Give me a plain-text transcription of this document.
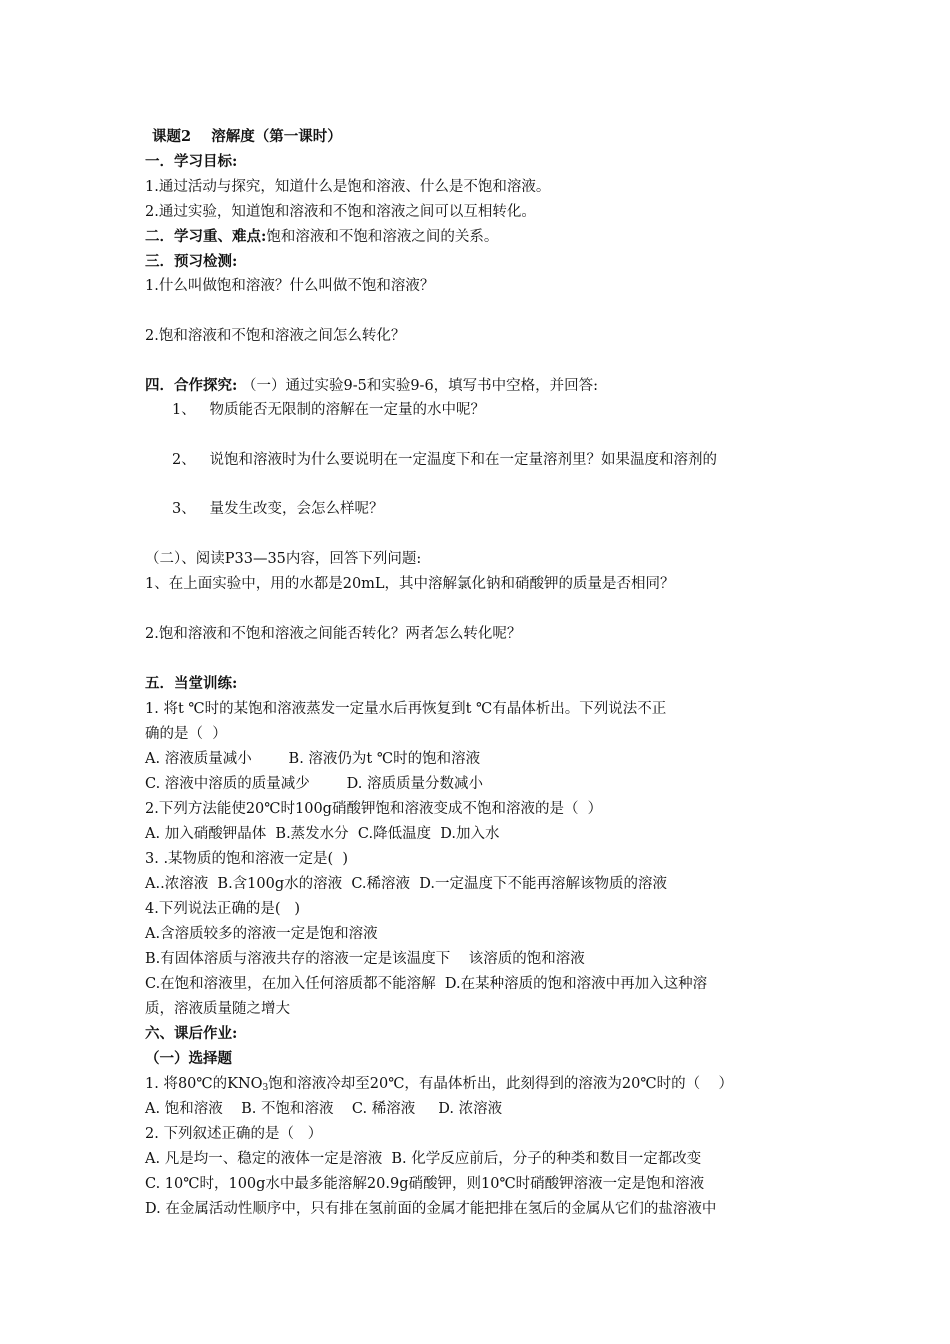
课题2    溶解度（第一课时）
一．学习目标:
1.通过活动与探究，知道什么是饱和溶液、什么是不饱和溶液。
2.通过实验，知道饱和溶液和不饱和溶液之间可以互相转化。
二．学习重、难点:饱和溶液和不饱和溶液之间的关系。
三．预习检测:
1.什么叫做饱和溶液？什么叫做不饱和溶液？
2.饱和溶液和不饱和溶液之间怎么转化？
四．合作探究: （一）通过实验9-5和实验9-6，填写书中空格，并回答:
1、   物质能否无限制的溶解在一定量的水中呢？
2、   说饱和溶液时为什么要说明在一定温度下和在一定量溶剂里？如果温度和溶剂的
3、   量发生改变，会怎么样呢？
（二）、阅读P33—35内容，回答下列问题:
1、在上面实验中，用的水都是20mL，其中溶解氯化钠和硝酸钾的质量是否相同？
2.饱和溶液和不饱和溶液之间能否转化？两者怎么转化呢？
五．当堂训练:
1. 将t ℃时的某饱和溶液蒸发一定量水后再恢复到t ℃有晶体析出。下列说法不正
确的是（  ）
A. 溶液质量减小        B. 溶液仍为t ℃时的饱和溶液
C. 溶液中溶质的质量减少        D. 溶质质量分数减小
2.下列方法能使20℃时100g硝酸钾饱和溶液变成不饱和溶液的是（  ）
A. 加入硝酸钾晶体  B.蒸发水分  C.降低温度  D.加入水
3. .某物质的饱和溶液一定是(  )
A..浓溶液  B.含100g水的溶液  C.稀溶液  D.一定温度下不能再溶解该物质的溶液
4.下列说法正确的是(   )
A.含溶质较多的溶液一定是饱和溶液
B.有固体溶质与溶液共存的溶液一定是该温度下    该溶质的饱和溶液
C.在饱和溶液里，在加入任何溶质都不能溶解  D.在某种溶质的饱和溶液中再加入这种溶
质，溶液质量随之增大
六、课后作业:
（一）选择题
1. 将80℃的$KNO_3$饱和溶液冷却至20℃，有晶体析出，此刻得到的溶液为20℃时的（    ）
A. 饱和溶液    B. 不饱和溶液    C. 稀溶液     D. 浓溶液
2. 下列叙述正确的是（   ）
A. 凡是均一、稳定的液体一定是溶液  B. 化学反应前后，分子的种类和数目一定都改变
C. 10℃时，100g水中最多能溶解20.9g硝酸钾，则10℃时硝酸钾溶液一定是饱和溶液
D. 在金属活动性顺序中，只有排在氢前面的金属才能把排在氢后的金属从它们的盐溶液中
